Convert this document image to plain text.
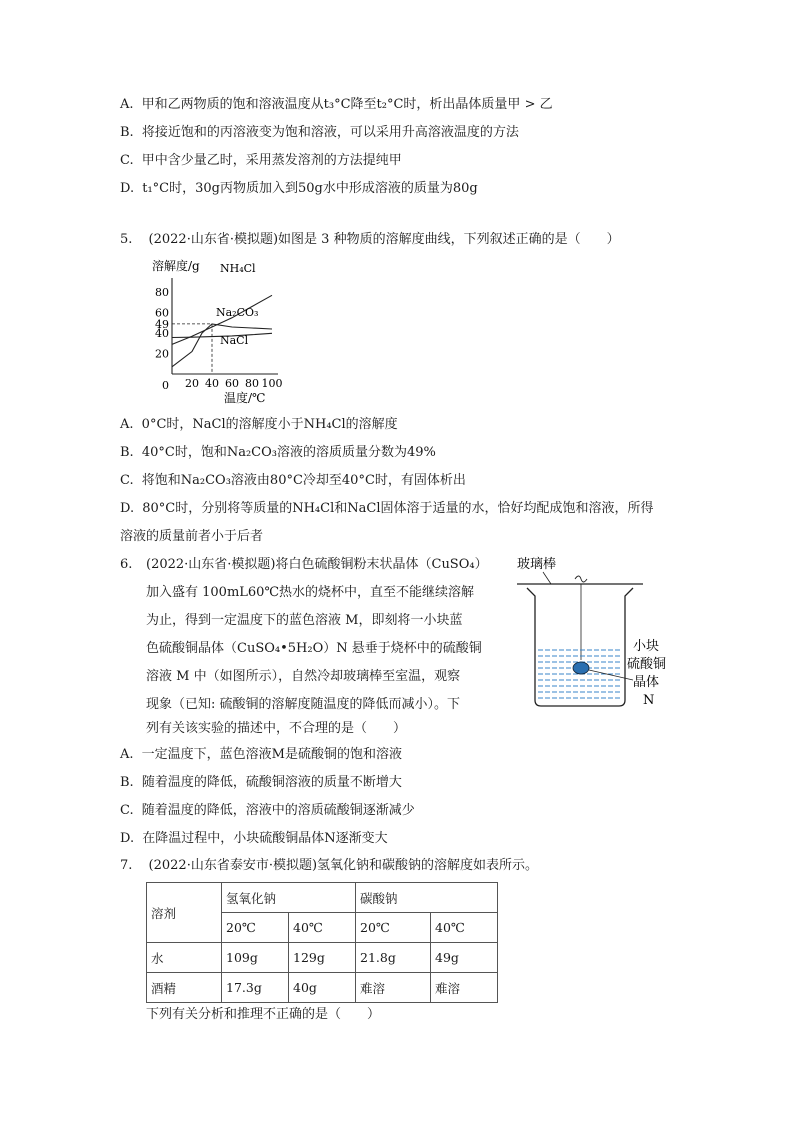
A. 甲和乙两物质的饱和溶液温度从t₃°C降至t₂°C时，析出晶体质量甲 > 乙
B. 将接近饱和的丙溶液变为饱和溶液，可以采用升高溶液温度的方法
C. 甲中含少量乙时，采用蒸发溶剂的方法提纯甲
D. t₁°C时，30g丙物质加入到50g水中形成溶液的质量为80g
5. (2022·山东省·模拟题)如图是 3 种物质的溶解度曲线，下列叙述正确的是（　　）
溶解度/g
温度/℃
80
60
49
40
20
0 20 40 60 80 100
NH₄Cl
Na₂CO₃
NaCl
A. 0°C时，NaCl的溶解度小于NH₄Cl的溶解度
B. 40°C时，饱和Na₂CO₃溶液的溶质质量分数为49%
C. 将饱和Na₂CO₃溶液由80°C冷却至40°C时，有固体析出
D. 80°C时，分别将等质量的NH₄Cl和NaCl固体溶于适量的水，恰好均配成饱和溶液，所得
溶液的质量前者小于后者
6. (2022·山东省·模拟题)将白色硫酸铜粉末状晶体（CuSO₄）
加入盛有 100mL60℃热水的烧杯中，直至不能继续溶解
为止，得到一定温度下的蓝色溶液 M，即刻将一小块蓝
色硫酸铜晶体（CuSO₄•5H₂O）N 悬垂于烧杯中的硫酸铜
溶液 M 中（如图所示），自然冷却玻璃棒至室温，观察
现象（已知: 硫酸铜的溶解度随温度的降低而减小）。下
列有关该实验的描述中，不合理的是（　　）
玻璃棒
小块
硫酸铜
晶体
N
A. 一定温度下，蓝色溶液M是硫酸铜的饱和溶液
B. 随着温度的降低，硫酸铜溶液的质量不断增大
C. 随着温度的降低，溶液中的溶质硫酸铜逐渐减少
D. 在降温过程中，小块硫酸铜晶体N逐渐变大
7. (2022·山东省泰安市·模拟题)氢氧化钠和碳酸钠的溶解度如表所示。
溶剂	氢氧化钠		碳酸钠	
	20℃	40℃	20℃	40℃
水	109g	129g	21.8g	49g
酒精	17.3g	40g	难溶	难溶
下列有关分析和推理不正确的是（　　）
